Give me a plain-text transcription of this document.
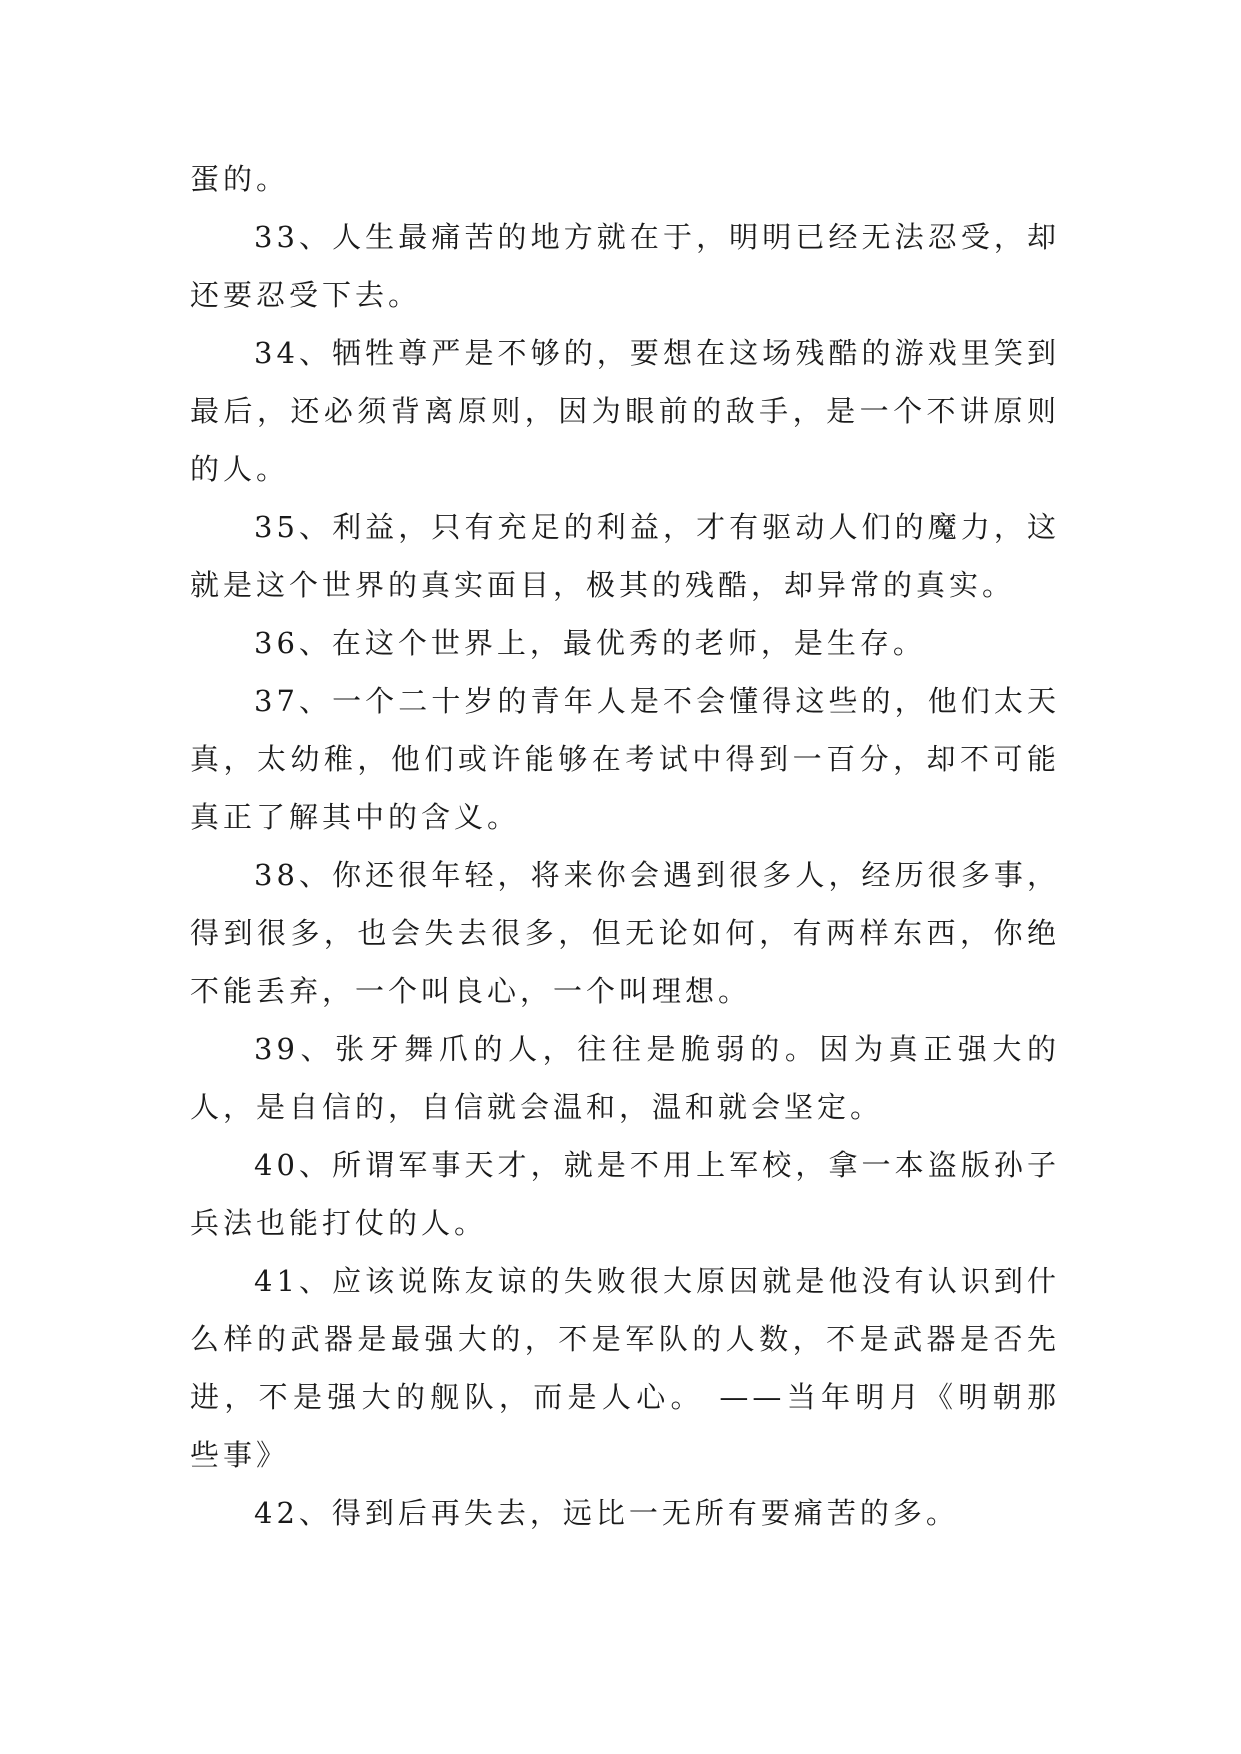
蛋的。

33、人生最痛苦的地方就在于，明明已经无法忍受，却还要忍受下去。

34、牺牲尊严是不够的，要想在这场残酷的游戏里笑到最后，还必须背离原则，因为眼前的敌手，是一个不讲原则的人。

35、利益，只有充足的利益，才有驱动人们的魔力，这就是这个世界的真实面目，极其的残酷，却异常的真实。

36、在这个世界上，最优秀的老师，是生存。

37、一个二十岁的青年人是不会懂得这些的，他们太天真，太幼稚，他们或许能够在考试中得到一百分，却不可能真正了解其中的含义。

38、你还很年轻，将来你会遇到很多人，经历很多事，得到很多，也会失去很多，但无论如何，有两样东西，你绝不能丢弃，一个叫良心，一个叫理想。

39、张牙舞爪的人，往往是脆弱的。因为真正强大的人，是自信的，自信就会温和，温和就会坚定。

40、所谓军事天才，就是不用上军校，拿一本盗版孙子兵法也能打仗的人。

41、应该说陈友谅的失败很大原因就是他没有认识到什么样的武器是最强大的，不是军队的人数，不是武器是否先进，不是强大的舰队，而是人心。 ——当年明月《明朝那些事》

42、得到后再失去，远比一无所有要痛苦的多。
